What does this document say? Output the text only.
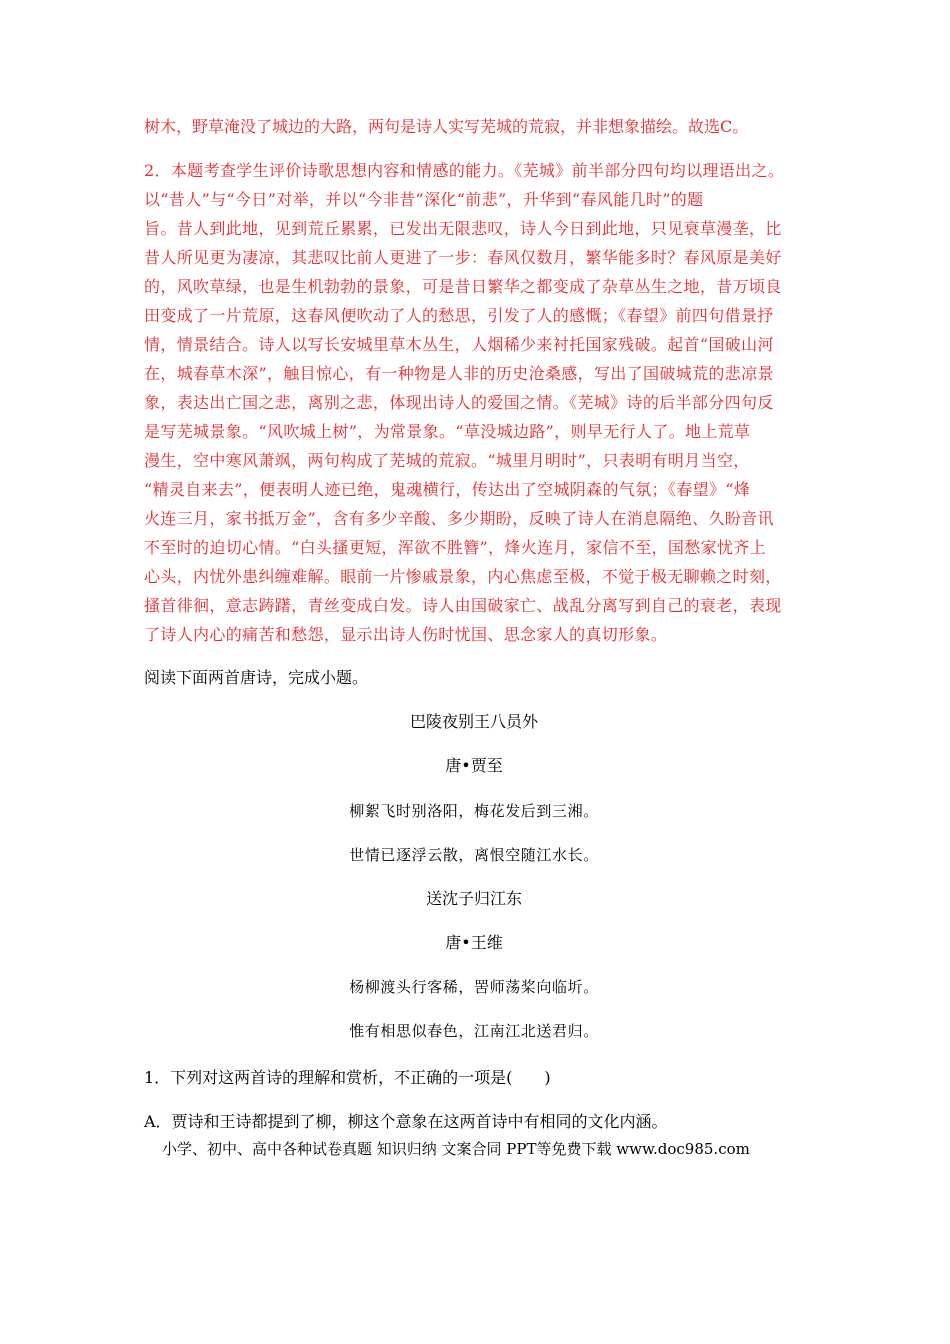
树木，野草淹没了城边的大路，两句是诗人实写芜城的荒寂，并非想象描绘。故选C。
2．本题考查学生评价诗歌思想内容和情感的能力。《芜城》前半部分四句均以理语出之。
以“昔人”与“今日”对举，并以“今非昔”深化“前悲”，升华到“春风能几时”的题
旨。昔人到此地，见到荒丘累累，已发出无限悲叹，诗人今日到此地，只见衰草漫垄，比
昔人所见更为凄凉，其悲叹比前人更进了一步：春风仅数月，繁华能多时？春风原是美好
的，风吹草绿，也是生机勃勃的景象，可是昔日繁华之都变成了杂草丛生之地，昔万顷良
田变成了一片荒原，这春风便吹动了人的愁思，引发了人的感慨；《春望》前四句借景抒
情，情景结合。诗人以写长安城里草木丛生，人烟稀少来衬托国家残破。起首“国破山河
在，城春草木深”，触目惊心，有一种物是人非的历史沧桑感，写出了国破城荒的悲凉景
象，表达出亡国之悲，离别之悲，体现出诗人的爱国之情。《芜城》诗的后半部分四句反
是写芜城景象。“风吹城上树”，为常景象。“草没城边路”，则早无行人了。地上荒草
漫生，空中寒风萧飒，两句构成了芜城的荒寂。“城里月明时”，只表明有明月当空，
“精灵自来去”，便表明人迹已绝，鬼魂横行，传达出了空城阴森的气氛；《春望》“烽
火连三月，家书抵万金”，含有多少辛酸、多少期盼，反映了诗人在消息隔绝、久盼音讯
不至时的迫切心情。“白头搔更短，浑欲不胜簪”，烽火连月，家信不至，国愁家忧齐上
心头，内忧外患纠缠难解。眼前一片惨戚景象，内心焦虑至极，不觉于极无聊赖之时刻，
搔首徘徊，意志踌躇，青丝变成白发。诗人由国破家亡、战乱分离写到自己的衰老，表现
了诗人内心的痛苦和愁怨，显示出诗人伤时忧国、思念家人的真切形象。
阅读下面两首唐诗，完成小题。
巴陵夜别王八员外
唐•贾至
柳絮飞时别洛阳，梅花发后到三湘。
世情已逐浮云散，离恨空随江水长。
送沈子归江东
唐•王维
杨柳渡头行客稀，罟师荡桨向临圻。
惟有相思似春色，江南江北送君归。
1．下列对这两首诗的理解和赏析，不正确的一项是(　　)
A．贾诗和王诗都提到了柳，柳这个意象在这两首诗中有相同的文化内涵。
小学、初中、高中各种试卷真题 知识归纳 文案合同 PPT等免费下载 www.doc985.com
